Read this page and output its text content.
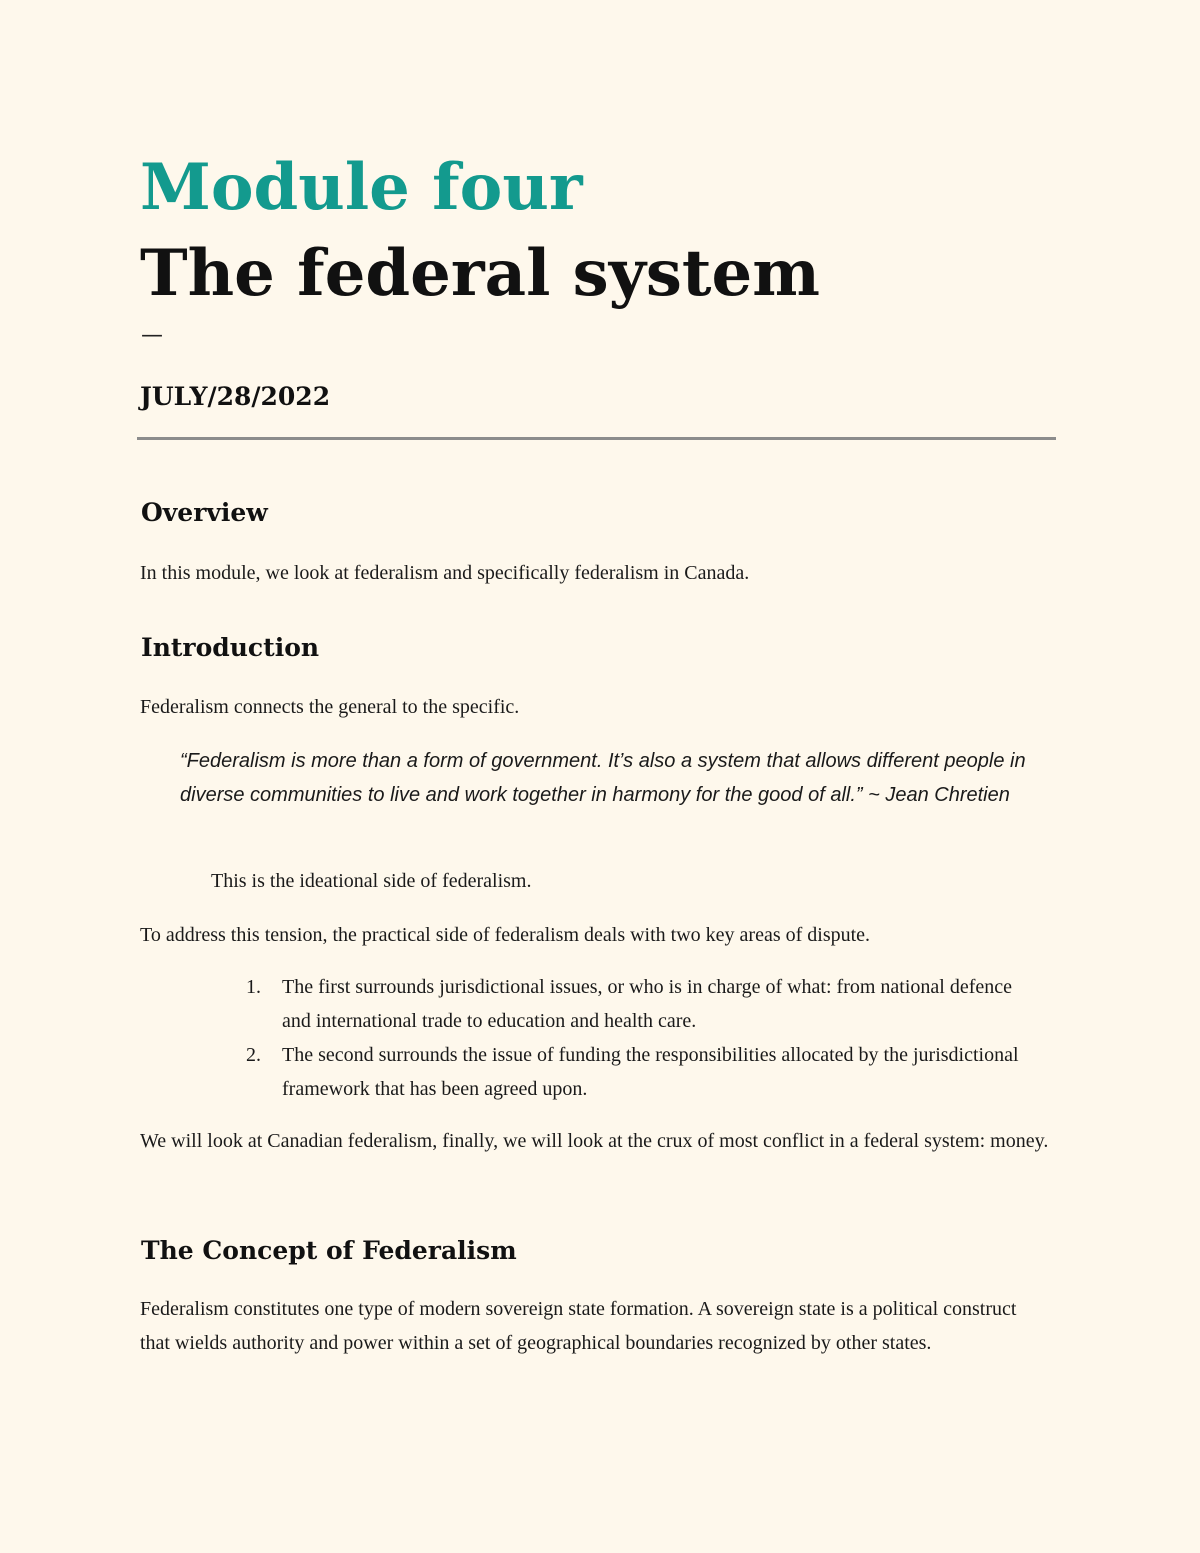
Module four
The federal system
—
JULY/28/2022
Overview

In this module, we look at federalism and specifically federalism in Canada.

Introduction

Federalism connects the general to the specific.

“Federalism is more than a form of government. It’s also a system that allows different people in diverse communities to live and work together in harmony for the good of all.” ~ Jean Chretien

This is the ideational side of federalism.

To address this tension, the practical side of federalism deals with two key areas of dispute.

1. The first surrounds jurisdictional issues, or who is in charge of what: from national defence and international trade to education and health care.
2. The second surrounds the issue of funding the responsibilities allocated by the jurisdictional framework that has been agreed upon.

We will look at Canadian federalism, finally, we will look at the crux of most conflict in a federal system: money.

The Concept of Federalism

Federalism constitutes one type of modern sovereign state formation. A sovereign state is a political construct that wields authority and power within a set of geographical boundaries recognized by other states.
